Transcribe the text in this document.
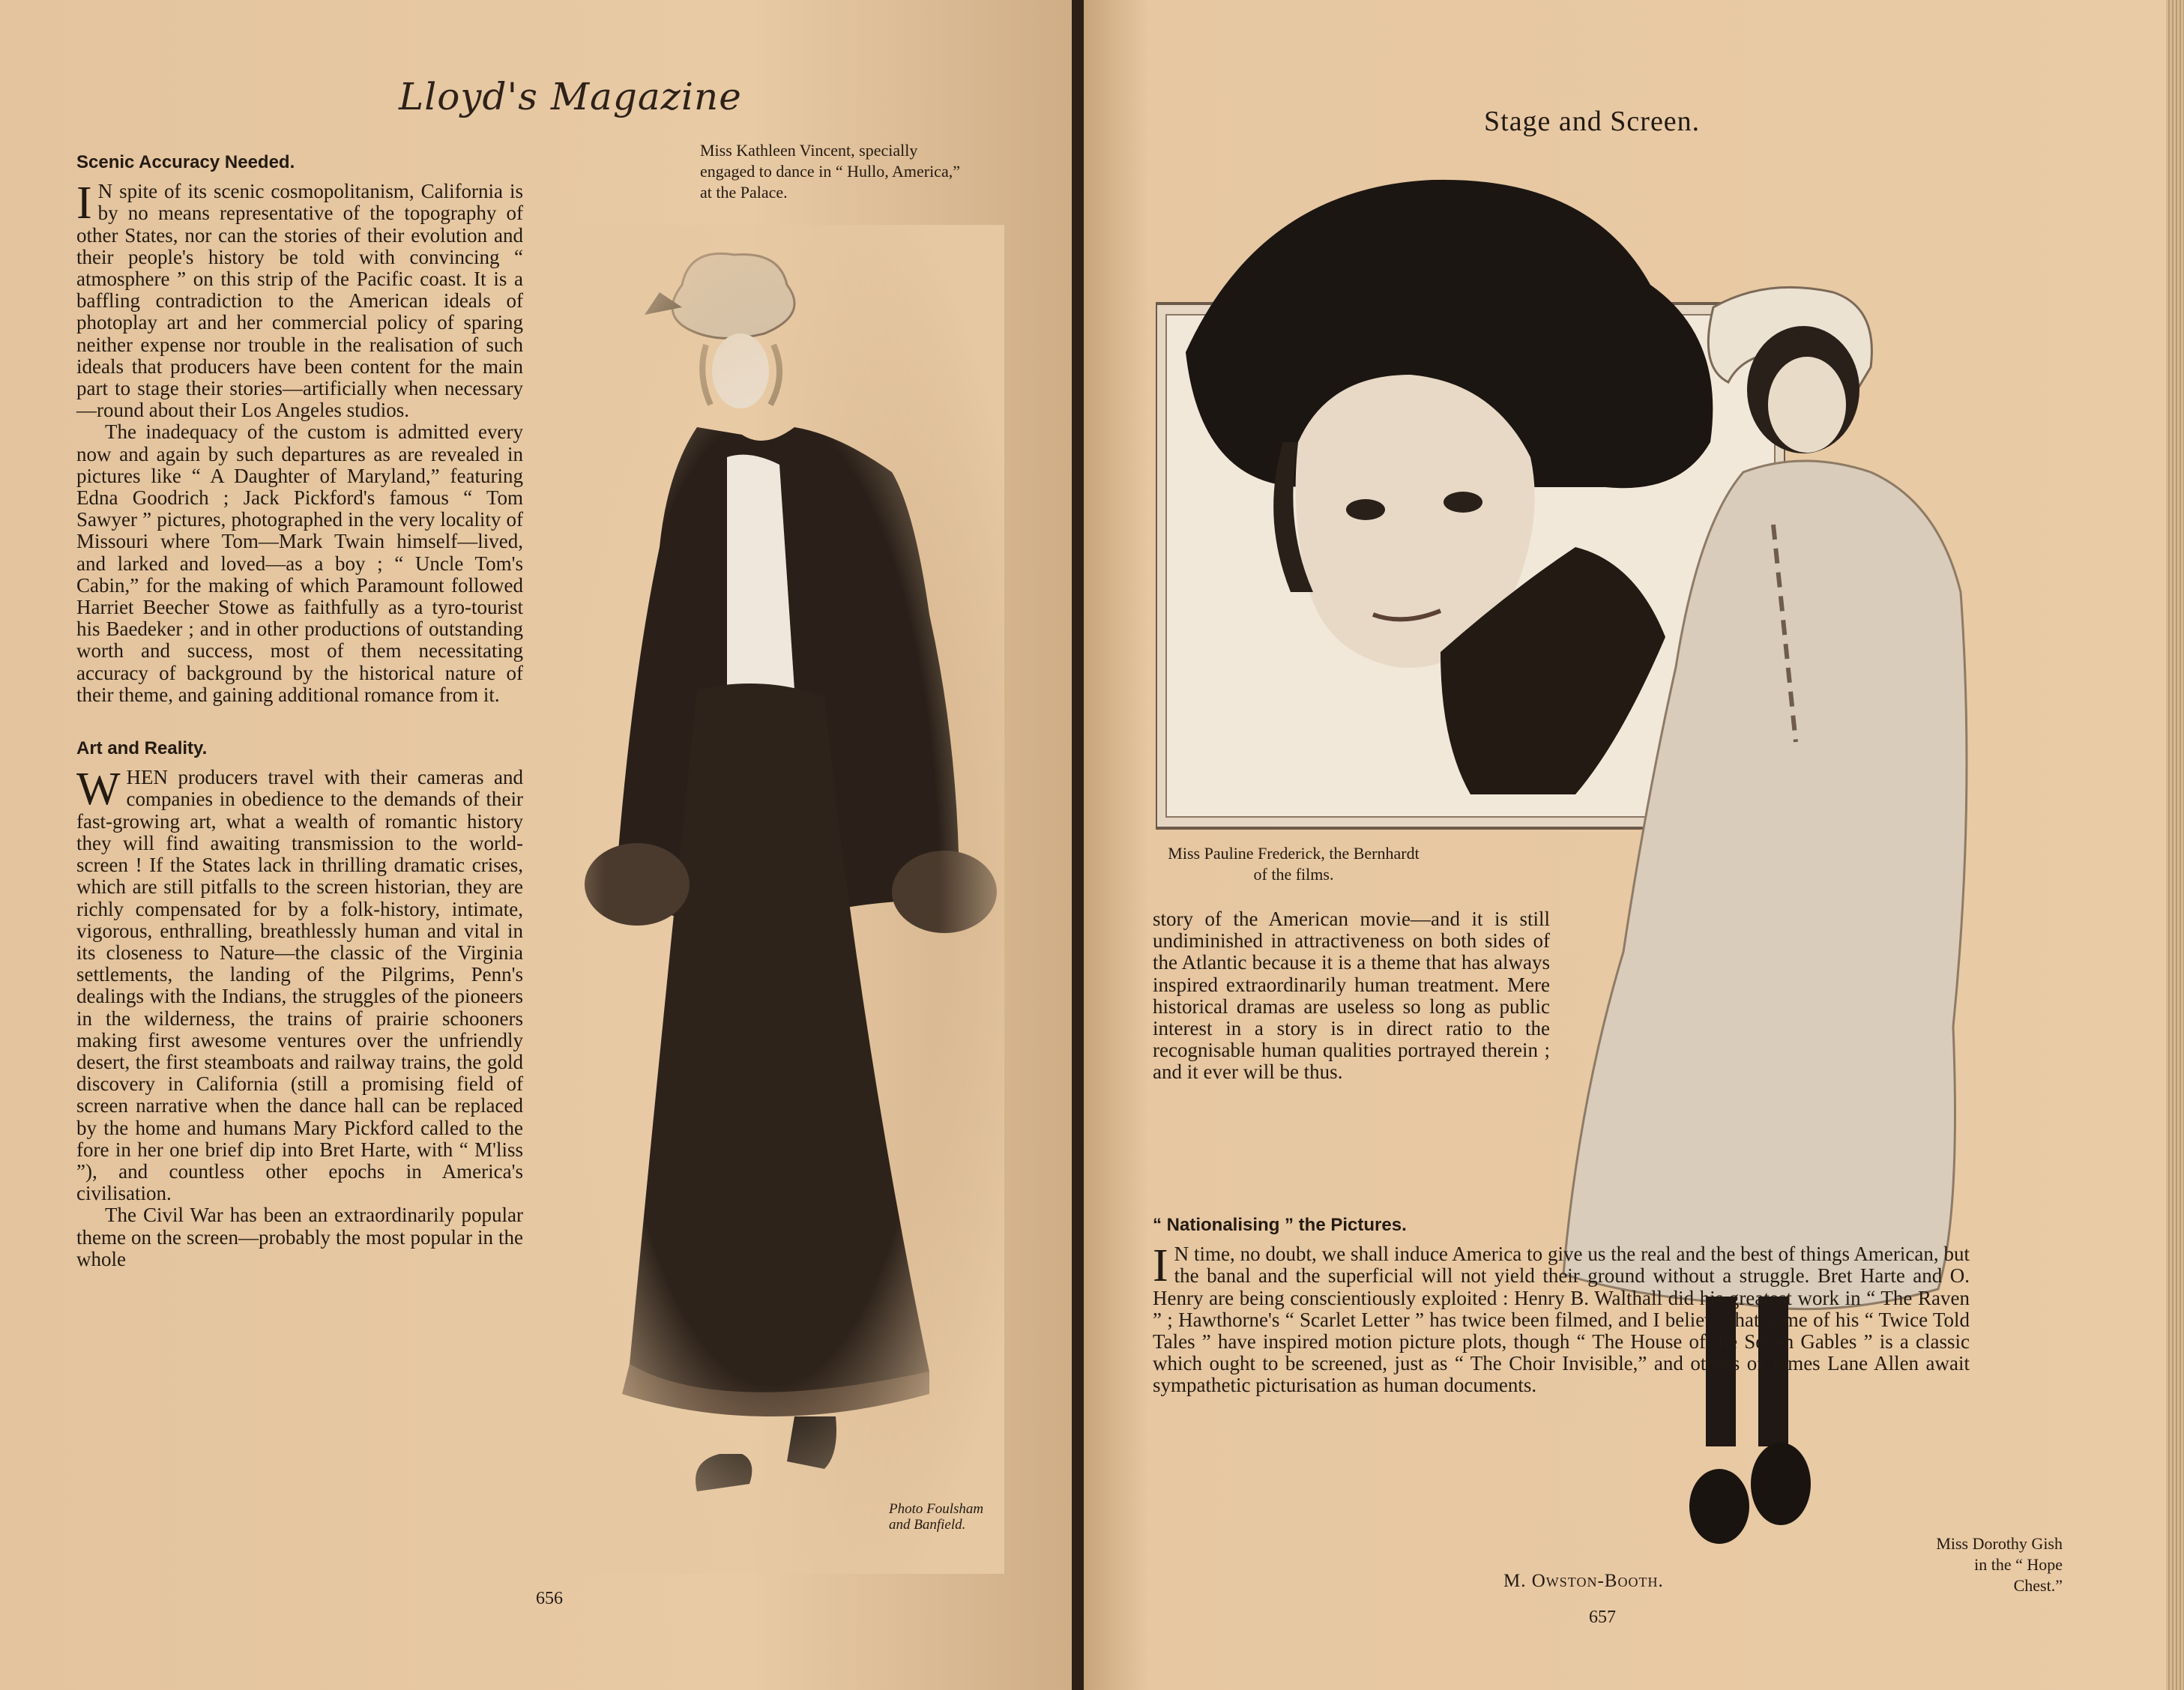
Lloyd's Magazine
Scenic Accuracy Needed.

I N spite of its scenic cosmopolitanism, California is by no means representative of the topography of other States, nor can the stories of their evolution and their people's history be told with convincing “ atmosphere ” on this strip of the Pacific coast. It is a baffling contradiction to the American ideals of photoplay art and her commercial policy of sparing neither expense nor trouble in the realisation of such ideals that producers have been content for the main part to stage their stories—artificially when necessary—round about their Los Angeles studios.

The inadequacy of the custom is admitted every now and again by such departures as are revealed in pictures like “ A Daughter of Maryland,” featuring Edna Goodrich ; Jack Pickford's famous “ Tom Sawyer ” pictures, photographed in the very locality of Missouri where Tom—Mark Twain himself—lived, and larked and loved—as a boy ; “ Uncle Tom's Cabin,” for the making of which Paramount followed Harriet Beecher Stowe as faithfully as a tyro-tourist his Baedeker ; and in other productions of outstanding worth and success, most of them necessitating accuracy of background by the historical nature of their theme, and gaining additional romance from it.

Art and Reality.

WHEN producers travel with their cameras and companies in obedience to the demands of their fast-growing art, what a wealth of romantic history they will find awaiting transmission to the world-screen ! If the States lack in thrilling dramatic crises, which are still pitfalls to the screen historian, they are richly compensated for by a folk-history, intimate, vigorous, enthralling, breathlessly human and vital in its closeness to Nature—the classic of the Virginia settlements, the landing of the Pilgrims, Penn's dealings with the Indians, the struggles of the pioneers in the wilderness, the trains of prairie schooners making first awesome ventures over the unfriendly desert, the first steamboats and railway trains, the gold discovery in California (still a promising field of screen narrative when the dance hall can be replaced by the home and humans Mary Pickford called to the fore in her one brief dip into Bret Harte, with “ M'liss ”), and countless other epochs in America's civilisation.

The Civil War has been an extraordinarily popular theme on the screen—probably the most popular in the whole

Miss Kathleen Vincent, specially engaged to dance in “ Hullo, America,” at the Palace.
Photo Foulsham and Banfield.
656
Stage and Screen.
Miss Pauline Frederick, the Bernhardt of the films.

story of the American movie—and it is still undiminished in attractiveness on both sides of the Atlantic because it is a theme that has always inspired extraordinarily human treatment. Mere historical dramas are useless so long as public interest in a story is in direct ratio to the recognisable human qualities portrayed therein ; and it ever will be thus.

“ Nationalising ” the Pictures.

I N time, no doubt, we shall induce America to give us the real and the best of things American, but the banal and the superficial will not yield their ground without a struggle. Bret Harte and O. Henry are being conscientiously exploited : Henry B. Walthall did his greatest work in “ The Raven ” ; Hawthorne's “ Scarlet Letter ” has twice been filmed, and I believe that some of his “ Twice Told Tales ” have inspired motion picture plots, though “ The House of the Seven Gables ” is a classic which ought to be screened, just as “ The Choir Invisible,” and others of James Lane Allen await sympathetic picturisation as human documents.

M. Owston-Booth.
Miss Dorothy Gish in the “ Hope Chest.”
657
